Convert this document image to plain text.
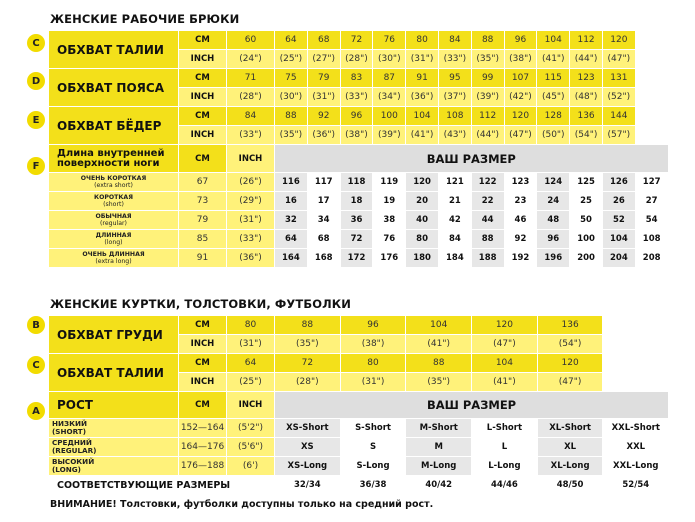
ЖЕНСКИЕ РАБОЧИЕ БРЮКИ
C
D
E
F
ОБХВАТ ТАЛИИ	СМ	60	64	68	72	76	80	84	88	96	104	112	120	
	INCH	(24")	(25")	(27")	(28")	(30")	(31")	(33")	(35")	(38")	(41")	(44")	(47")	
ОБХВАТ ПОЯСА	СМ	71	75	79	83	87	91	95	99	107	115	123	131	
	INCH	(28")	(30")	(31")	(33")	(34")	(36")	(37")	(39")	(42")	(45")	(48")	(52")	
ОБХВАТ БЁДЕР	СМ	84	88	92	96	100	104	108	112	120	128	136	144	
	INCH	(33")	(35")	(36")	(38")	(39")	(41")	(43")	(44")	(47")	(50")	(54")	(57")	
Длина внутренней поверхности ноги	СМ	INCH	ВАШ РАЗМЕР											

ОЧЕНЬ КОРОТКАЯ
(extra short)	67	(26")	116	117	118	119	120	121	122	123	124	125	126	127

КОРОТКАЯ
(short)	73	(29")	16	17	18	19	20	21	22	23	24	25	26	27

ОБЫЧНАЯ
(regular)	79	(31")	32	34	36	38	40	42	44	46	48	50	52	54

ДЛИННАЯ
(long)	85	(33")	64	68	72	76	80	84	88	92	96	100	104	108

ОЧЕНЬ ДЛИННАЯ
(extra long)	91	(36")	164	168	172	176	180	184	188	192	196	200	204	208
ЖЕНСКИЕ КУРТКИ, ТОЛСТОВКИ, ФУТБОЛКИ
B
C
A
ОБХВАТ ГРУДИ	СМ	80	88	96	104	120	136	
	INCH	(31")	(35")	(38")	(41")	(47")	(54")	
ОБХВАТ ТАЛИИ	СМ	64	72	80	88	104	120	
	INCH	(25")	(28")	(31")	(35")	(41")	(47")	
РОСТ	СМ	INCH	ВАШ РАЗМЕР					

НИЗКИЙ
(SHORT)	152—164	(5'2")	XS-Short	S-Short	M-Short	L-Short	XL-Short	XXL-Short

СРЕДНИЙ
(REGULAR)	164—176	(5'6")	XS	S	M	L	XL	XXL

ВЫСОКИЙ
(LONG)	176—188	(6')	XS-Long	S-Long	M-Long	L-Long	XL-Long	XXL-Long
СООТВЕТСТВУЮЩИЕ РАЗМЕРЫ			32/34	36/38	40/42	44/46	48/50	52/54
ВНИМАНИЕ! Толстовки, футболки доступны только на средний рост.
